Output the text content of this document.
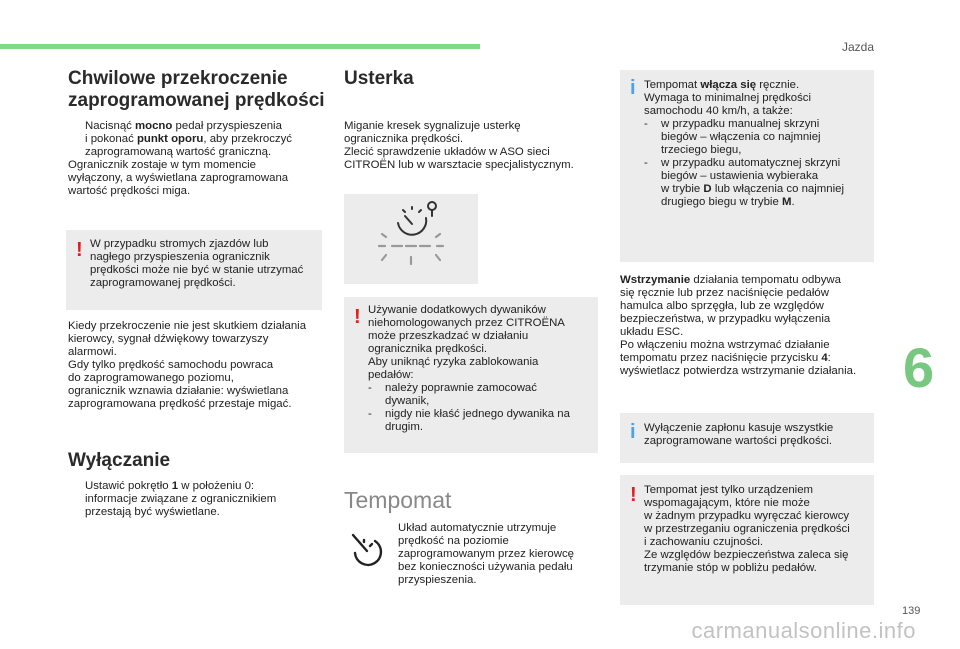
Jazda
6
139
Chwilowe przekroczenie
zaprogramowanej prędkości
Nacisnąć mocno pedał przyspieszenia
i pokonać punkt oporu, aby przekroczyć
zaprogramowaną wartość graniczną.
Ogranicznik zostaje w tym momencie
wyłączony, a wyświetlana zaprogramowana
wartość prędkości miga.
! W przypadku stromych zjazdów lub
nagłego przyspieszenia ogranicznik
prędkości może nie być w stanie utrzymać
zaprogramowanej prędkości.
Kiedy przekroczenie nie jest skutkiem działania
kierowcy, sygnał dźwiękowy towarzyszy
alarmowi.
Gdy tylko prędkość samochodu powraca
do zaprogramowanego poziomu,
ogranicznik wznawia działanie: wyświetlana
zaprogramowana prędkość przestaje migać.
Wyłączanie
Ustawić pokrętło 1 w położeniu 0:
informacje związane z ogranicznikiem
przestają być wyświetlane.
Usterka
Miganie kresek sygnalizuje usterkę
ogranicznika prędkości.
Zlecić sprawdzenie układów w ASO sieci
CITROËN lub w warsztacie specjalistycznym.
! Używanie dodatkowych dywaników
niehomologowanych przez CITROËNA
może przeszkadzać w działaniu
ogranicznika prędkości.
Aby uniknąć ryzyka zablokowania
pedałów:
- należy poprawnie zamocować
dywanik,
- nigdy nie kłaść jednego dywanika na
drugim.
Tempomat
Układ automatycznie utrzymuje
prędkość na poziomie
zaprogramowanym przez kierowcę
bez konieczności używania pedału
przyspieszenia.
i Tempomat włącza się ręcznie.
Wymaga to minimalnej prędkości
samochodu 40 km/h, a także:
- w przypadku manualnej skrzyni
biegów – włączenia co najmniej
trzeciego biegu,
- w przypadku automatycznej skrzyni
biegów – ustawienia wybieraka
w trybie D lub włączenia co najmniej
drugiego biegu w trybie M.
Wstrzymanie działania tempomatu odbywa
się ręcznie lub przez naciśnięcie pedałów
hamulca albo sprzęgła, lub ze względów
bezpieczeństwa, w przypadku wyłączenia
układu ESC.
Po włączeniu można wstrzymać działanie
tempomatu przez naciśnięcie przycisku 4:
wyświetlacz potwierdza wstrzymanie działania.
i Wyłączenie zapłonu kasuje wszystkie
zaprogramowane wartości prędkości.
! Tempomat jest tylko urządzeniem
wspomagającym, które nie może
w żadnym przypadku wyręczać kierowcy
w przestrzeganiu ograniczenia prędkości
i zachowaniu czujności.
Ze względów bezpieczeństwa zaleca się
trzymanie stóp w pobliżu pedałów.
carmanualsonline.info
